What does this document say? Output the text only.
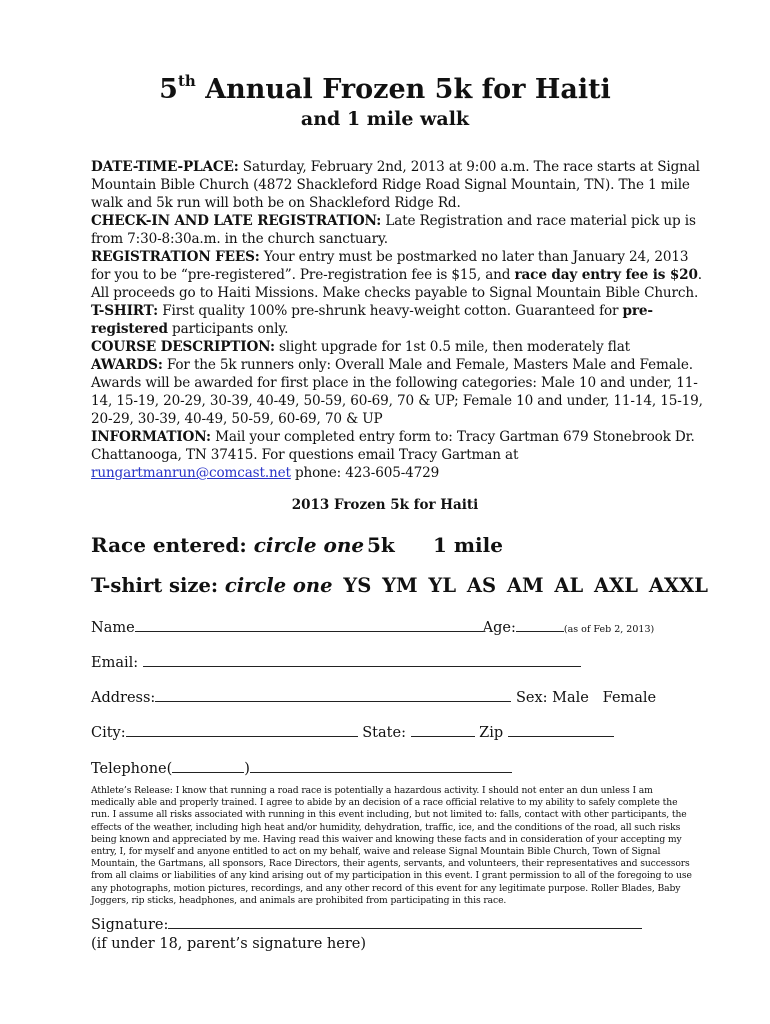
5th Annual Frozen 5k for Haiti
and 1 mile walk

DATE-TIME-PLACE: Saturday, February 2nd, 2013 at 9:00 a.m. The race starts at Signal Mountain Bible Church (4872 Shackleford Ridge Road Signal Mountain, TN). The 1 mile walk and 5k run will both be on Shackleford Ridge Rd.

CHECK-IN AND LATE REGISTRATION: Late Registration and race material pick up is from 7:30-8:30a.m. in the church sanctuary.

REGISTRATION FEES: Your entry must be postmarked no later than January 24, 2013 for you to be “pre-registered”. Pre-registration fee is $15, and race day entry fee is $20. All proceeds go to Haiti Missions. Make checks payable to Signal Mountain Bible Church.

T-SHIRT: First quality 100% pre-shrunk heavy-weight cotton. Guaranteed for pre-registered participants only.

COURSE DESCRIPTION: slight upgrade for 1st 0.5 mile, then moderately flat

AWARDS: For the 5k runners only: Overall Male and Female, Masters Male and Female. Awards will be awarded for first place in the following categories: Male 10 and under, 11-14, 15-19, 20-29, 30-39, 40-49, 50-59, 60-69, 70 & UP; Female 10 and under, 11-14, 15-19, 20-29, 30-39, 40-49, 50-59, 60-69, 70 & UP

INFORMATION: Mail your completed entry form to: Tracy Gartman 679 Stonebrook Dr. Chattanooga, TN 37415. For questions email Tracy Gartman at rungartmanrun@comcast.net phone: 423-605-4729

2013 Frozen 5k for Haiti
Race entered: circle one 5k 1 mile
T-shirt size: circle one YS YM YL AS AM AL AXL AXXL
Name	Age:	(as of Feb 2, 2013)
Email:
Address:	Sex: Male Female
City:	State:	Zip
Telephone(	)
Athlete’s Release: I know that running a road race is potentially a hazardous activity. I should not enter an dun unless I am medically able and properly trained. I agree to abide by an decision of a race official relative to my ability to safely complete the run. I assume all risks associated with running in this event including, but not limited to: falls, contact with other participants, the effects of the weather, including high heat and/or humidity, dehydration, traffic, ice, and the conditions of the road, all such risks being known and appreciated by me. Having read this waiver and knowing these facts and in consideration of your accepting my entry, I, for myself and anyone entitled to act on my behalf, waive and release Signal Mountain Bible Church, Town of Signal Mountain, the Gartmans, all sponsors, Race Directors, their agents, servants, and volunteers, their representatives and successors from all claims or liabilities of any kind arising out of my participation in this event. I grant permission to all of the foregoing to use any photographs, motion pictures, recordings, and any other record of this event for any legitimate purpose. Roller Blades, Baby Joggers, rip sticks, headphones, and animals are prohibited from participating in this race.
Signature:
(if under 18, parent’s signature here)
